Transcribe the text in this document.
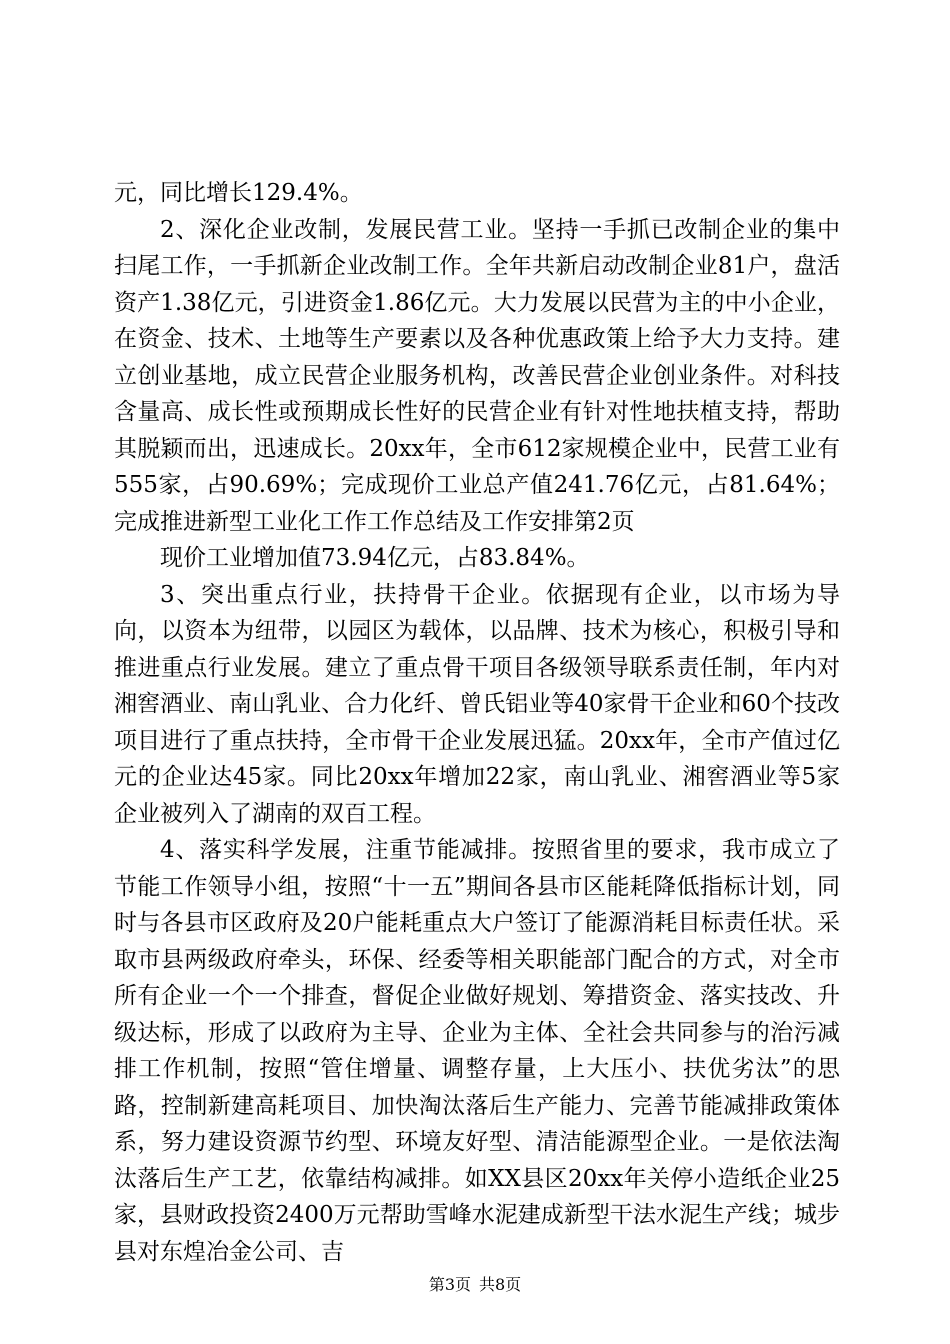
元，同比增长129.4%。

2、深化企业改制，发展民营工业。坚持一手抓已改制企业的集中扫尾工作，一手抓新企业改制工作。全年共新启动改制企业81户，盘活资产1.38亿元，引进资金1.86亿元。大力发展以民营为主的中小企业，在资金、技术、土地等生产要素以及各种优惠政策上给予大力支持。建立创业基地，成立民营企业服务机构，改善民营企业创业条件。对科技含量高、成长性或预期成长性好的民营企业有针对性地扶植支持，帮助其脱颖而出，迅速成长。20xx年，全市612家规模企业中，民营工业有555家，占90.69%；完成现价工业总产值241.76亿元，占81.64%；完成推进新型工业化工作工作总结及工作安排第2页

现价工业增加值73.94亿元，占83.84%。

3、突出重点行业，扶持骨干企业。依据现有企业，以市场为导向，以资本为纽带，以园区为载体，以品牌、技术为核心，积极引导和推进重点行业发展。建立了重点骨干项目各级领导联系责任制，年内对湘窖酒业、南山乳业、合力化纤、曾氏铝业等40家骨干企业和60个技改项目进行了重点扶持，全市骨干企业发展迅猛。20xx年，全市产值过亿元的企业达45家。同比20xx年增加22家，南山乳业、湘窖酒业等5家企业被列入了湖南的双百工程。

4、落实科学发展，注重节能减排。按照省里的要求，我市成立了节能工作领导小组，按照“十一五”期间各县市区能耗降低指标计划，同时与各县市区政府及20户能耗重点大户签订了能源消耗目标责任状。采取市县两级政府牵头，环保、经委等相关职能部门配合的方式，对全市所有企业一个一个排查，督促企业做好规划、筹措资金、落实技改、升级达标，形成了以政府为主导、企业为主体、全社会共同参与的治污减排工作机制，按照“管住增量、调整存量，上大压小、扶优劣汰”的思路，控制新建高耗项目、加快淘汰落后生产能力、完善节能减排政策体系，努力建设资源节约型、环境友好型、清洁能源型企业。一是依法淘汰落后生产工艺，依靠结构减排。如XX县区20xx年关停小造纸企业25家，县财政投资2400万元帮助雪峰水泥建成新型干法水泥生产线；城步县对东煌冶金公司、吉

第3页 共8页
